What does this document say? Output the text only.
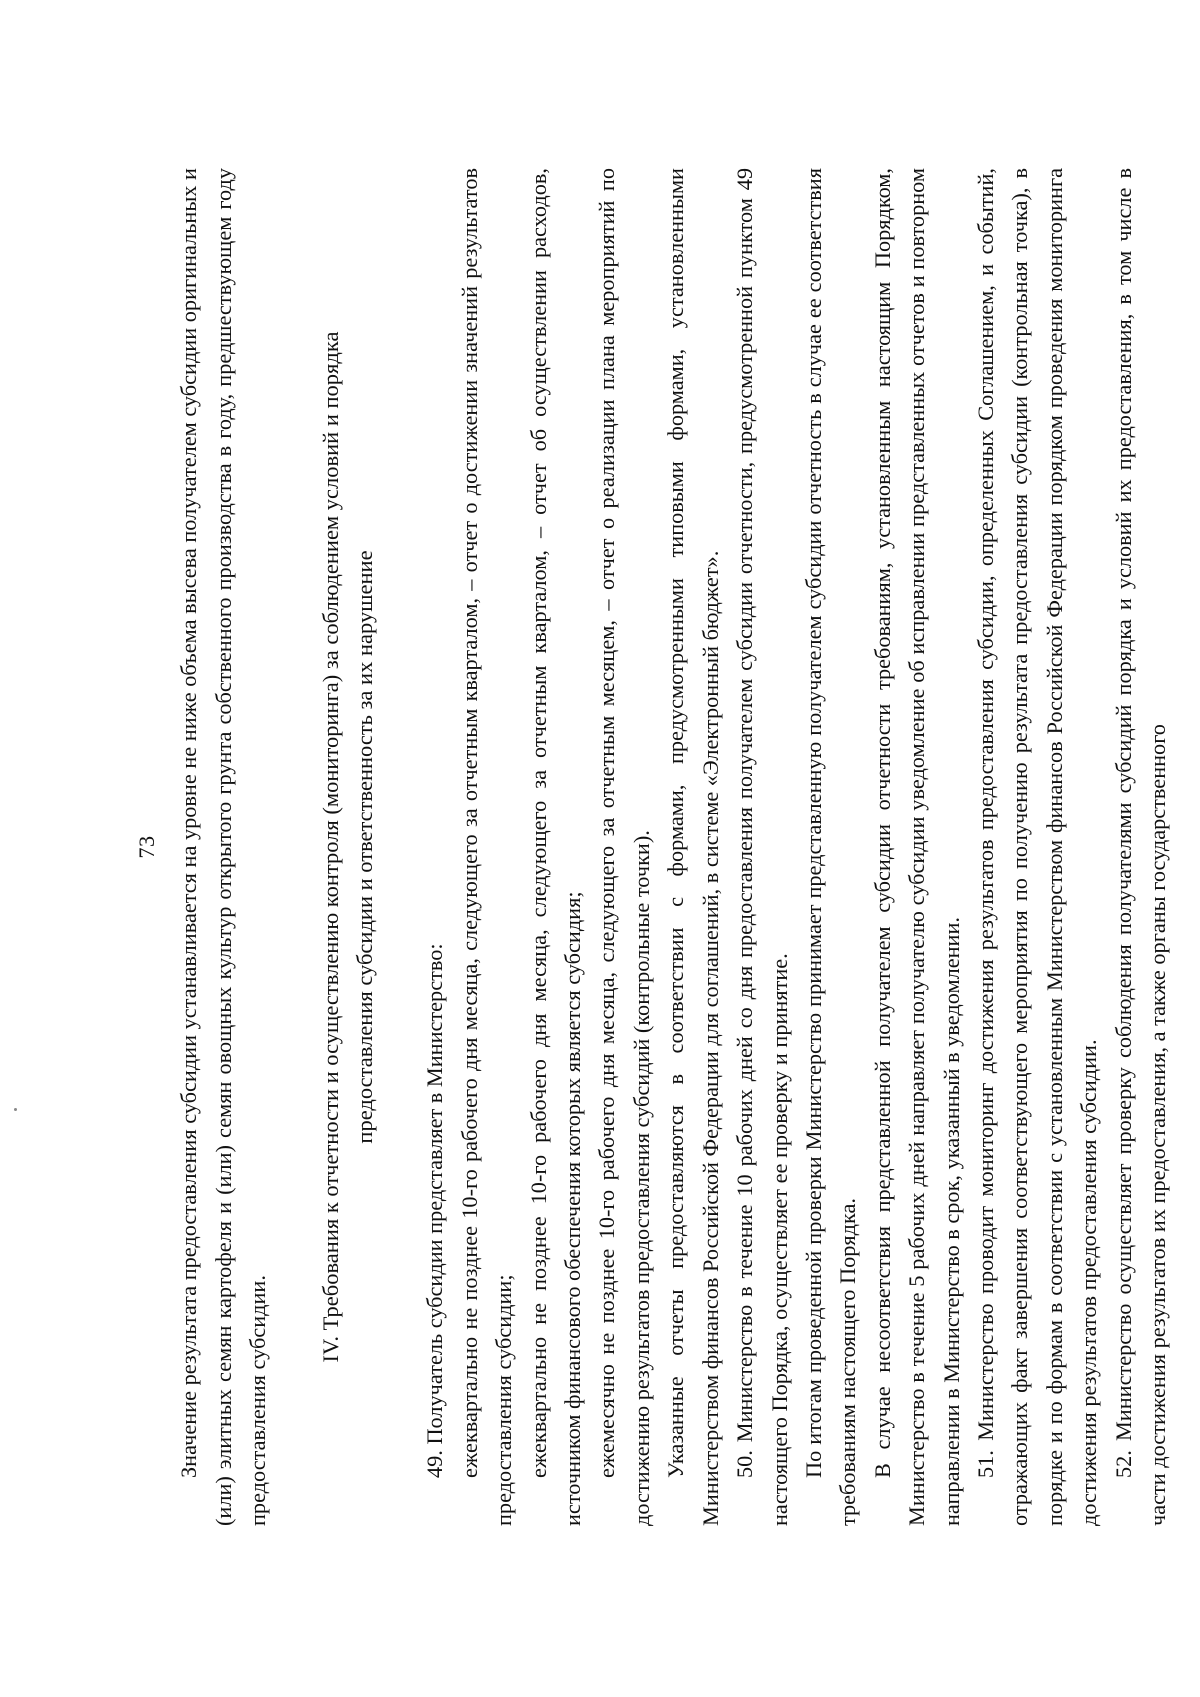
73 Значение результата предоставления субсидии устанавливается на уровне не ниже объема высева получателем субсидии оригинальных и (или) элитных семян картофеля и (или) семян овощных культур открытого грунта собственного производства в году, предшествующем году предоставления субсидии.

IV. Требования к отчетности и осуществлению контроля (мониторинга) за соблюдением условий и порядка предоставления субсидии и ответственность за их нарушение

49. Получатель субсидии представляет в Министерство: ежеквартально не позднее 10-го рабочего дня месяца, следующего за отчетным кварталом, – отчет о достижении значений результатов предоставления субсидии; ежеквартально не позднее 10-го рабочего дня месяца, следующего за отчетным кварталом, – отчет об осуществлении расходов, источником финансового обеспечения которых является субсидия; ежемесячно не позднее 10-го рабочего дня месяца, следующего за отчетным месяцем, – отчет о реализации плана мероприятий по достижению результатов предоставления субсидий (контрольные точки). Указанные отчеты предоставляются в соответствии с формами, предусмотренными типовыми формами, установленными Министерством финансов Российской Федерации для соглашений, в системе «Электронный бюджет». 50. Министерство в течение 10 рабочих дней со дня предоставления получателем субсидии отчетности, предусмотренной пунктом 49 настоящего Порядка, осуществляет ее проверку и принятие. По итогам проведенной проверки Министерство принимает представленную получателем субсидии отчетность в случае ее соответствия требованиям настоящего Порядка. В случае несоответствия представленной получателем субсидии отчетности требованиям, установленным настоящим Порядком, Министерство в течение 5 рабочих дней направляет получателю субсидии уведомление об исправлении представленных отчетов и повторном направлении в Министерство в срок, указанный в уведомлении. 51. Министерство проводит мониторинг достижения результатов предоставления субсидии, определенных Соглашением, и событий, отражающих факт завершения соответствующего мероприятия по получению результата предоставления субсидии (контрольная точка), в порядке и по формам в соответствии с установленным Министерством финансов Российской Федерации порядком проведения мониторинга достижения результатов предоставления субсидии. 52. Министерство осуществляет проверку соблюдения получателями субсидий порядка и условий их предоставления, в том числе в части достижения результатов их предоставления, а также органы государственного
